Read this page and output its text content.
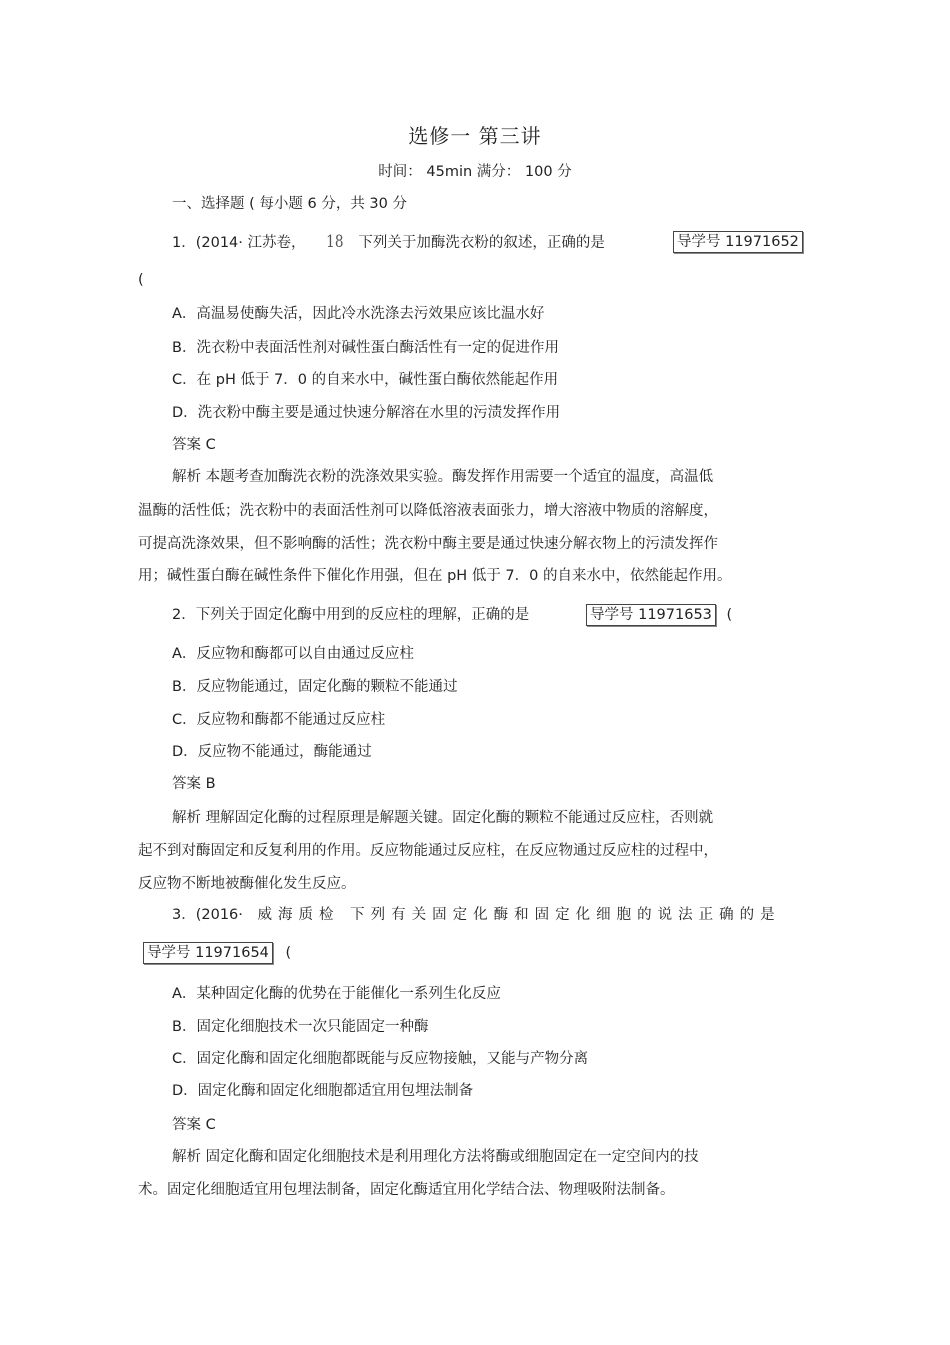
选修一 第三讲
时间： 45min 满分： 100 分
一、选择题 ( 每小题 6 分，共 30 分
1．(2014· 江苏卷， 18 下列关于加酶洗衣粉的叙述，正确的是	导学号 11971652
(
A．高温易使酶失活，因此冷水洗涤去污效果应该比温水好
B．洗衣粉中表面活性剂对碱性蛋白酶活性有一定的促进作用
C．在 pH 低于 7．0 的自来水中，碱性蛋白酶依然能起作用
D．洗衣粉中酶主要是通过快速分解溶在水里的污渍发挥作用
答案 C
解析 本题考查加酶洗衣粉的洗涤效果实验。酶发挥作用需要一个适宜的温度，高温低
温酶的活性低；洗衣粉中的表面活性剂可以降低溶液表面张力，增大溶液中物质的溶解度，
可提高洗涤效果，但不影响酶的活性；洗衣粉中酶主要是通过快速分解衣物上的污渍发挥作
用；碱性蛋白酶在碱性条件下催化作用强，但在 pH 低于 7．0 的自来水中，依然能起作用。
2．下列关于固定化酶中用到的反应柱的理解，正确的是	导学号 11971653 (
A．反应物和酶都可以自由通过反应柱
B．反应物能通过，固定化酶的颗粒不能通过
C．反应物和酶都不能通过反应柱
D．反应物不能通过，酶能通过
答案 B
解析 理解固定化酶的过程原理是解题关键。固定化酶的颗粒不能通过反应柱，否则就
起不到对酶固定和反复利用的作用。反应物能通过反应柱，在反应物通过反应柱的过程中，
反应物不断地被酶催化发生反应。
3．(2016· 威海质检 下列有关固定化酶和固定化细胞的说法正确的是
导学号 11971654 (
A．某种固定化酶的优势在于能催化一系列生化反应
B．固定化细胞技术一次只能固定一种酶
C．固定化酶和固定化细胞都既能与反应物接触，又能与产物分离
D．固定化酶和固定化细胞都适宜用包埋法制备
答案 C
解析 固定化酶和固定化细胞技术是利用理化方法将酶或细胞固定在一定空间内的技
术。固定化细胞适宜用包埋法制备，固定化酶适宜用化学结合法、物理吸附法制备。
